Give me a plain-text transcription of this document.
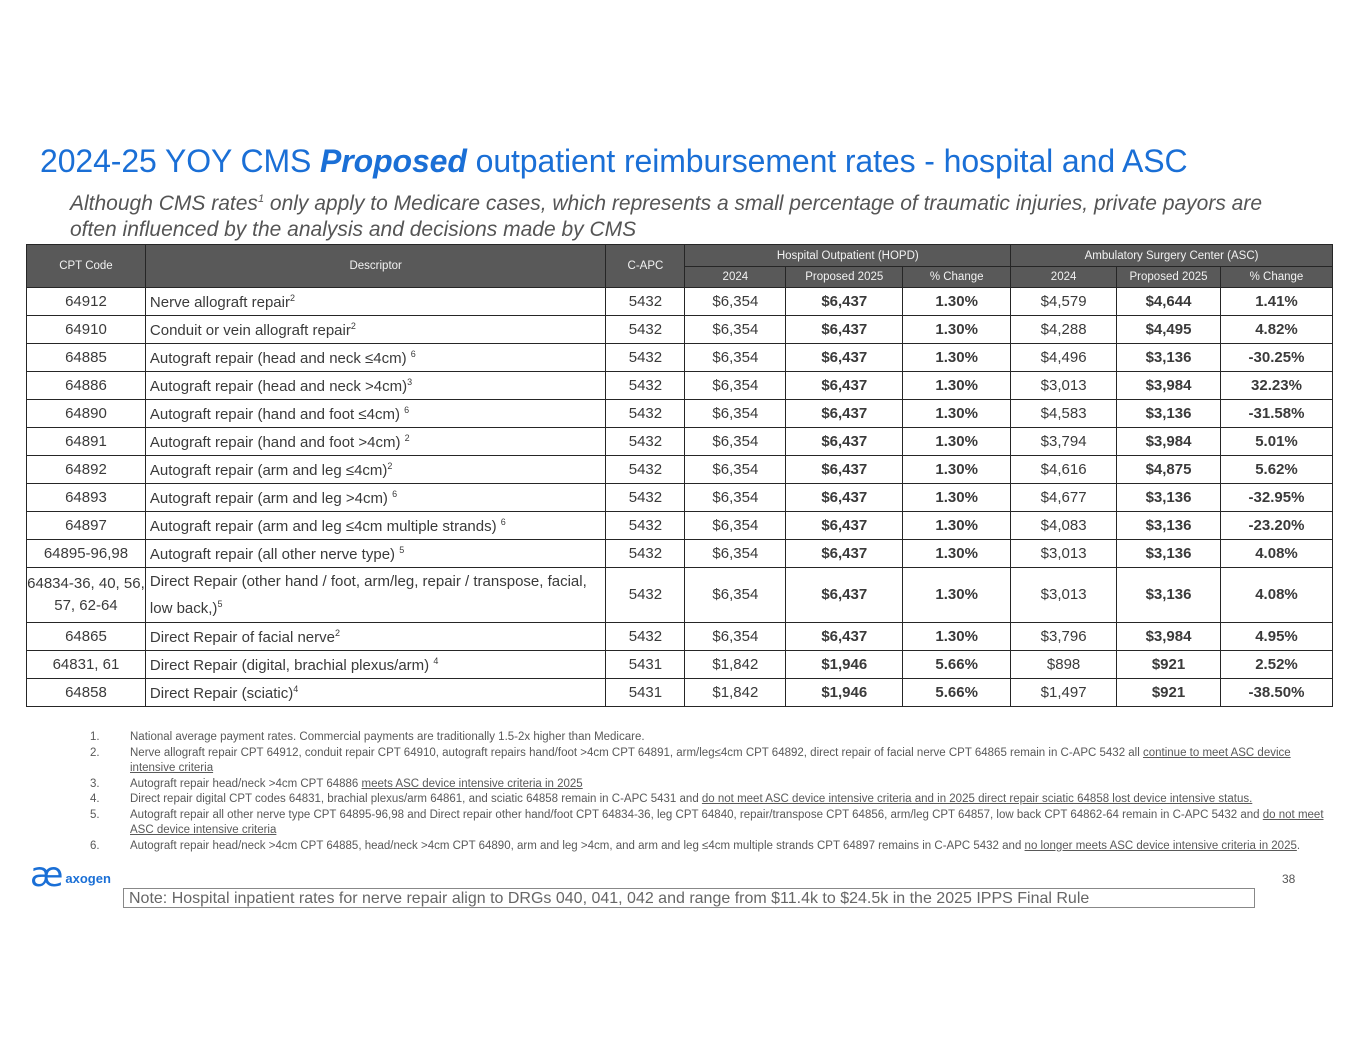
2024-25 YOY CMS Proposed outpatient reimbursement rates - hospital and ASC
Although CMS rates$^1$ only apply to Medicare cases, which represents a small percentage of traumatic injuries, private payors are often influenced by the analysis and decisions made by CMS
CPT Code	Descriptor	C-APC	Hospital Outpatient (HOPD)			Ambulatory Surgery Center (ASC)		
			2024	Proposed 2025	% Change	2024	Proposed 2025	% Change
64912	Nerve allograft repair$^2$	5432	$6,354	$6,437	1.30%	$4,579	$4,644	1.41%
64910	Conduit or vein allograft repair$^2$	5432	$6,354	$6,437	1.30%	$4,288	$4,495	4.82%
64885	Autograft repair (head and neck ≤4cm) $^6$	5432	$6,354	$6,437	1.30%	$4,496	$3,136	-30.25%
64886	Autograft repair (head and neck >4cm)$^3$	5432	$6,354	$6,437	1.30%	$3,013	$3,984	32.23%
64890	Autograft repair (hand and foot ≤4cm) $^6$	5432	$6,354	$6,437	1.30%	$4,583	$3,136	-31.58%
64891	Autograft repair (hand and foot >4cm) $^2$	5432	$6,354	$6,437	1.30%	$3,794	$3,984	5.01%
64892	Autograft repair (arm and leg ≤4cm)$^2$	5432	$6,354	$6,437	1.30%	$4,616	$4,875	5.62%
64893	Autograft repair (arm and leg >4cm) $^6$	5432	$6,354	$6,437	1.30%	$4,677	$3,136	-32.95%
64897	Autograft repair (arm and leg ≤4cm multiple strands) $^6$	5432	$6,354	$6,437	1.30%	$4,083	$3,136	-23.20%
64895-96,98	Autograft repair (all other nerve type) $^5$	5432	$6,354	$6,437	1.30%	$3,013	$3,136	4.08%
64834-36, 40, 56, 57, 62-64	Direct Repair (other hand / foot, arm/leg, repair / transpose, facial, low back,)$^5$	5432	$6,354	$6,437	1.30%	$3,013	$3,136	4.08%
64865	Direct Repair of facial nerve$^2$	5432	$6,354	$6,437	1.30%	$3,796	$3,984	4.95%
64831, 61	Direct Repair (digital, brachial plexus/arm) $^4$	5431	$1,842	$1,946	5.66%	$898	$921	2.52%
64858	Direct Repair (sciatic)$^4$	5431	$1,842	$1,946	5.66%	$1,497	$921	-38.50%
1.	National average payment rates. Commercial payments are traditionally 1.5-2x higher than Medicare.
2.	Nerve allograft repair CPT 64912, conduit repair CPT 64910, autograft repairs hand/foot >4cm CPT 64891, arm/leg≤4cm CPT 64892, direct repair of facial nerve CPT 64865 remain in C-APC 5432 all continue to meet ASC device intensive criteria
3.	Autograft repair head/neck >4cm CPT 64886 meets ASC device intensive criteria in 2025
4.	Direct repair digital CPT codes 64831, brachial plexus/arm 64861, and sciatic 64858 remain in C-APC 5431 and do not meet ASC device intensive criteria and in 2025 direct repair sciatic 64858 lost device intensive status.
5.	Autograft repair all other nerve type CPT 64895-96,98 and Direct repair other hand/foot CPT 64834-36, leg CPT 64840, repair/transpose CPT 64856, arm/leg CPT 64857, low back CPT 64862-64 remain in C-APC 5432 and do not meet ASC device intensive criteria
6.	Autograft repair head/neck >4cm CPT 64885, head/neck >4cm CPT 64890, arm and leg >4cm, and arm and leg ≤4cm multiple strands CPT 64897 remains in C-APC 5432 and no longer meets ASC device intensive criteria in 2025.
æ axogen	38
Note: Hospital inpatient rates for nerve repair align to DRGs 040, 041, 042 and range from $11.4k to $24.5k in the 2025 IPPS Final Rule
